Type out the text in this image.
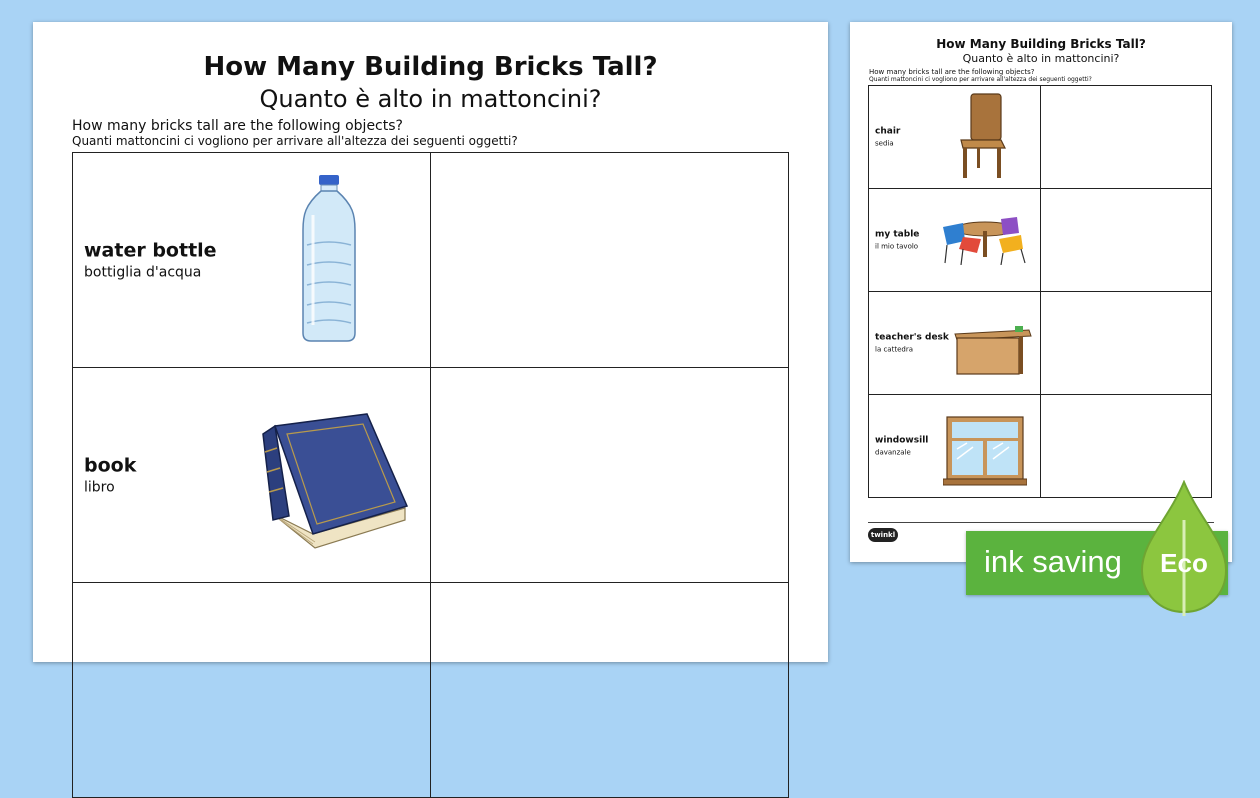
How Many Building Bricks Tall?
Quanto è alto in mattoncini?
How many bricks tall are the following objects?
Quanti mattoncini ci vogliono per arrivare all'altezza dei seguenti oggetti?
water bottle
bottiglia d'acqua	

book
libro	

How Many Building Bricks Tall?
Quanto è alto in mattoncini?
How many bricks tall are the following objects?
Quanti mattoncini ci vogliono per arrivare all'altezza dei seguenti oggetti?
chair
sedia	

my table
il mio tavolo	

teacher's desk
la cattedra	

windowsill
davanzale	

twinkl
ink saving Eco
